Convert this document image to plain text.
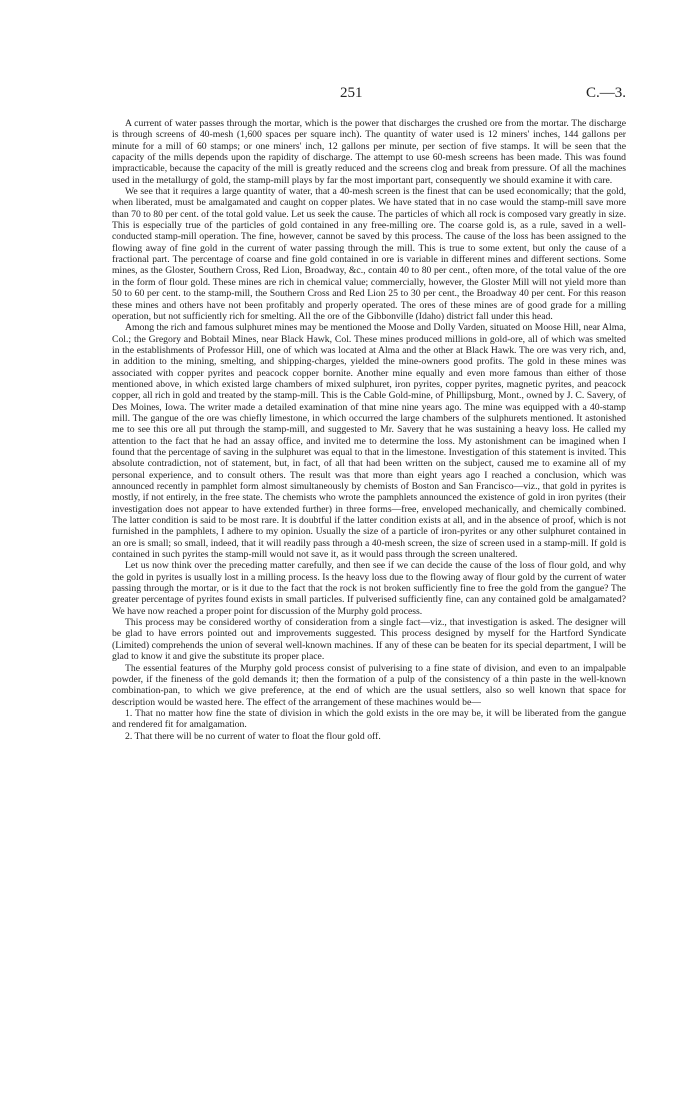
251	C.—3.

A current of water passes through the mortar, which is the power that discharges the crushed ore from the mortar. The discharge is through screens of 40-mesh (1,600 spaces per square inch). The quantity of water used is 12 miners' inches, 144 gallons per minute for a mill of 60 stamps; or one miners' inch, 12 gallons per minute, per section of five stamps. It will be seen that the capacity of the mills depends upon the rapidity of discharge. The attempt to use 60-mesh screens has been made. This was found impracticable, because the capacity of the mill is greatly reduced and the screens clog and break from pressure. Of all the machines used in the metallurgy of gold, the stamp-mill plays by far the most important part, consequently we should examine it with care.

We see that it requires a large quantity of water, that a 40-mesh screen is the finest that can be used economically; that the gold, when liberated, must be amalgamated and caught on copper plates. We have stated that in no case would the stamp-mill save more than 70 to 80 per cent. of the total gold value. Let us seek the cause. The particles of which all rock is composed vary greatly in size. This is especially true of the particles of gold contained in any free-milling ore. The coarse gold is, as a rule, saved in a well-conducted stamp-mill operation. The fine, however, cannot be saved by this process. The cause of the loss has been assigned to the flowing away of fine gold in the current of water passing through the mill. This is true to some extent, but only the cause of a fractional part. The percentage of coarse and fine gold contained in ore is variable in different mines and different sections. Some mines, as the Gloster, Southern Cross, Red Lion, Broadway, &c., contain 40 to 80 per cent., often more, of the total value of the ore in the form of flour gold. These mines are rich in chemical value; commercially, however, the Gloster Mill will not yield more than 50 to 60 per cent. to the stamp-mill, the Southern Cross and Red Lion 25 to 30 per cent., the Broadway 40 per cent. For this reason these mines and others have not been profitably and properly operated. The ores of these mines are of good grade for a milling operation, but not sufficiently rich for smelting. All the ore of the Gibbonville (Idaho) district fall under this head.

Among the rich and famous sulphuret mines may be mentioned the Moose and Dolly Varden, situated on Moose Hill, near Alma, Col.; the Gregory and Bobtail Mines, near Black Hawk, Col. These mines produced millions in gold-ore, all of which was smelted in the establishments of Professor Hill, one of which was located at Alma and the other at Black Hawk. The ore was very rich, and, in addition to the mining, smelting, and shipping-charges, yielded the mine-owners good profits. The gold in these mines was associated with copper pyrites and peacock copper bornite. Another mine equally and even more famous than either of those mentioned above, in which existed large chambers of mixed sulphuret, iron pyrites, copper pyrites, magnetic pyrites, and peacock copper, all rich in gold and treated by the stamp-mill. This is the Cable Gold-mine, of Phillipsburg, Mont., owned by J. C. Savery, of Des Moines, Iowa. The writer made a detailed examination of that mine nine years ago. The mine was equipped with a 40-stamp mill. The gangue of the ore was chiefly limestone, in which occurred the large chambers of the sulphurets mentioned. It astonished me to see this ore all put through the stamp-mill, and suggested to Mr. Savery that he was sustaining a heavy loss. He called my attention to the fact that he had an assay office, and invited me to determine the loss. My astonishment can be imagined when I found that the percentage of saving in the sulphuret was equal to that in the limestone. Investigation of this statement is invited. This absolute contradiction, not of statement, but, in fact, of all that had been written on the subject, caused me to examine all of my personal experience, and to consult others. The result was that more than eight years ago I reached a conclusion, which was announced recently in pamphlet form almost simultaneously by chemists of Boston and San Francisco—viz., that gold in pyrites is mostly, if not entirely, in the free state. The chemists who wrote the pamphlets announced the existence of gold in iron pyrites (their investigation does not appear to have extended further) in three forms—free, enveloped mechanically, and chemically combined. The latter condition is said to be most rare. It is doubtful if the latter condition exists at all, and in the absence of proof, which is not furnished in the pamphlets, I adhere to my opinion. Usually the size of a particle of iron-pyrites or any other sulphuret contained in an ore is small; so small, indeed, that it will readily pass through a 40-mesh screen, the size of screen used in a stamp-mill. If gold is contained in such pyrites the stamp-mill would not save it, as it would pass through the screen unaltered.

Let us now think over the preceding matter carefully, and then see if we can decide the cause of the loss of flour gold, and why the gold in pyrites is usually lost in a milling process. Is the heavy loss due to the flowing away of flour gold by the current of water passing through the mortar, or is it due to the fact that the rock is not broken sufficiently fine to free the gold from the gangue? The greater percentage of pyrites found exists in small particles. If pulverised sufficiently fine, can any contained gold be amalgamated? We have now reached a proper point for discussion of the Murphy gold process.

This process may be considered worthy of consideration from a single fact—viz., that investigation is asked. The designer will be glad to have errors pointed out and improvements suggested. This process designed by myself for the Hartford Syndicate (Limited) comprehends the union of several well-known machines. If any of these can be beaten for its special department, I will be glad to know it and give the substitute its proper place.

The essential features of the Murphy gold process consist of pulverising to a fine state of division, and even to an impalpable powder, if the fineness of the gold demands it; then the formation of a pulp of the consistency of a thin paste in the well-known combination-pan, to which we give preference, at the end of which are the usual settlers, also so well known that space for description would be wasted here. The effect of the arrangement of these machines would be—

1. That no matter how fine the state of division in which the gold exists in the ore may be, it will be liberated from the gangue and rendered fit for amalgamation.

2. That there will be no current of water to float the flour gold off.
